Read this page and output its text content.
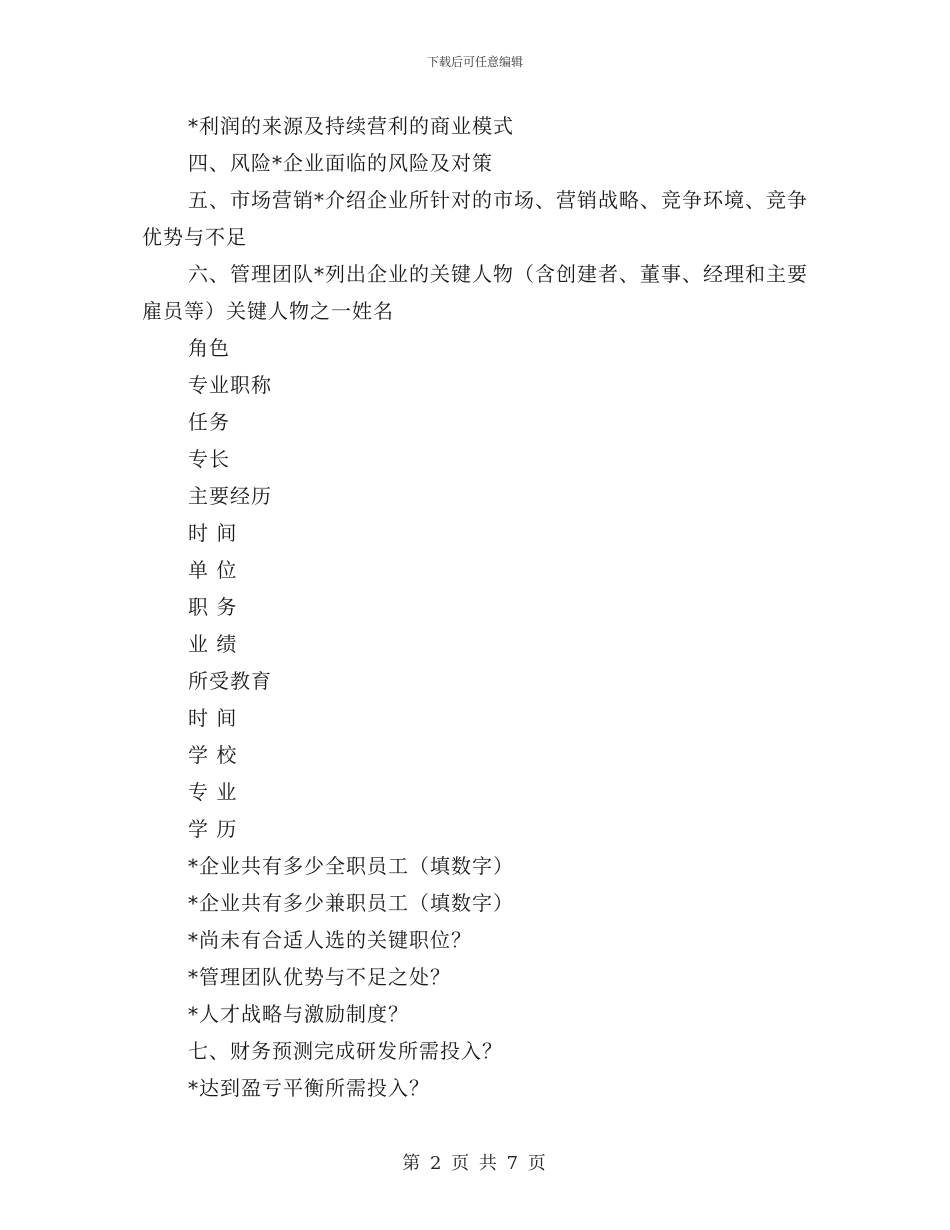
下载后可任意编辑

*利润的来源及持续营利的商业模式

四、风险*企业面临的风险及对策

五、市场营销*介绍企业所针对的市场、营销战略、竞争环境、竞争优势与不足

六、管理团队*列出企业的关键人物（含创建者、董事、经理和主要雇员等）关键人物之一姓名

角色

专业职称

任务

专长

主要经历

时 间

单 位

职 务

业 绩

所受教育

时 间

学 校

专 业

学 历

*企业共有多少全职员工（填数字）

*企业共有多少兼职员工（填数字）

*尚未有合适人选的关键职位？

*管理团队优势与不足之处？

*人才战略与激励制度？

七、财务预测完成研发所需投入？

*达到盈亏平衡所需投入？

第 2 页 共 7 页
